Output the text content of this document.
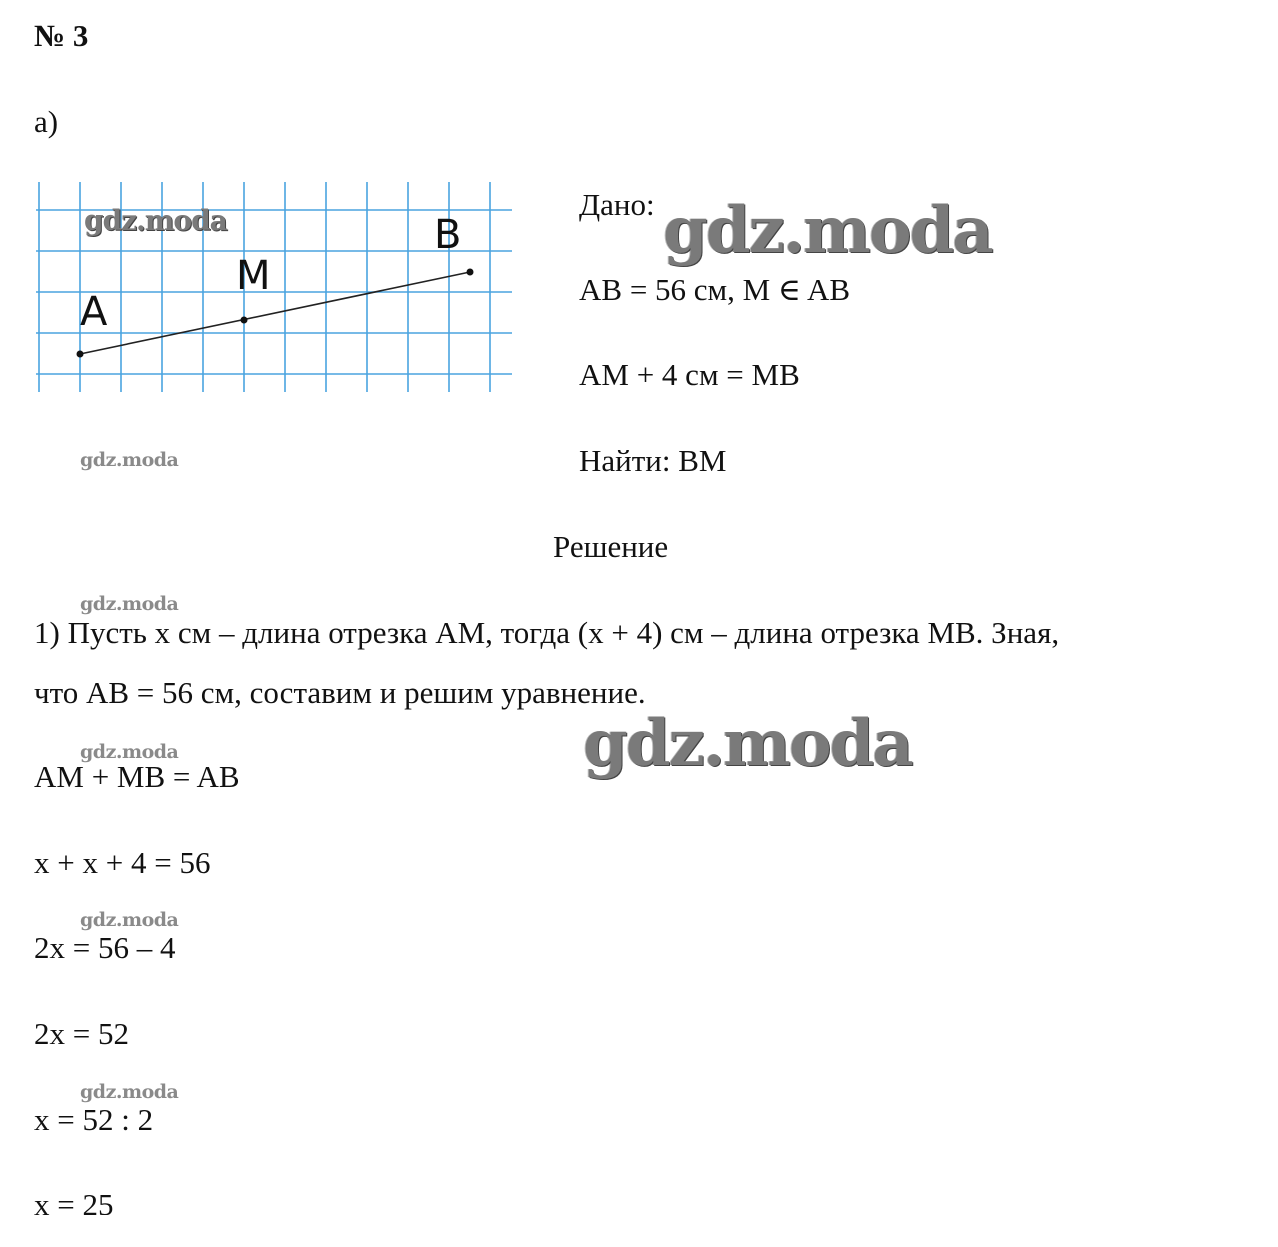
№ 3
а)
A
M
B
gdz.moda	Дано:
AB = 56 см, M ∈ AB
AM + 4 см = MB
Найти: BM
Решение
1) Пусть x см – длина отрезка AM, тогда (x + 4) см – длина отрезка MB. Зная,
что AB = 56 см, составим и решим уравнение.
AM + MB = AB
x + x + 4 = 56
2x = 56 – 4
2x = 52
x = 52 : 2
x = 25
gdz.moda
gdz.moda
gdz.moda
gdz.moda
gdz.moda
gdz.moda
gdz.moda
